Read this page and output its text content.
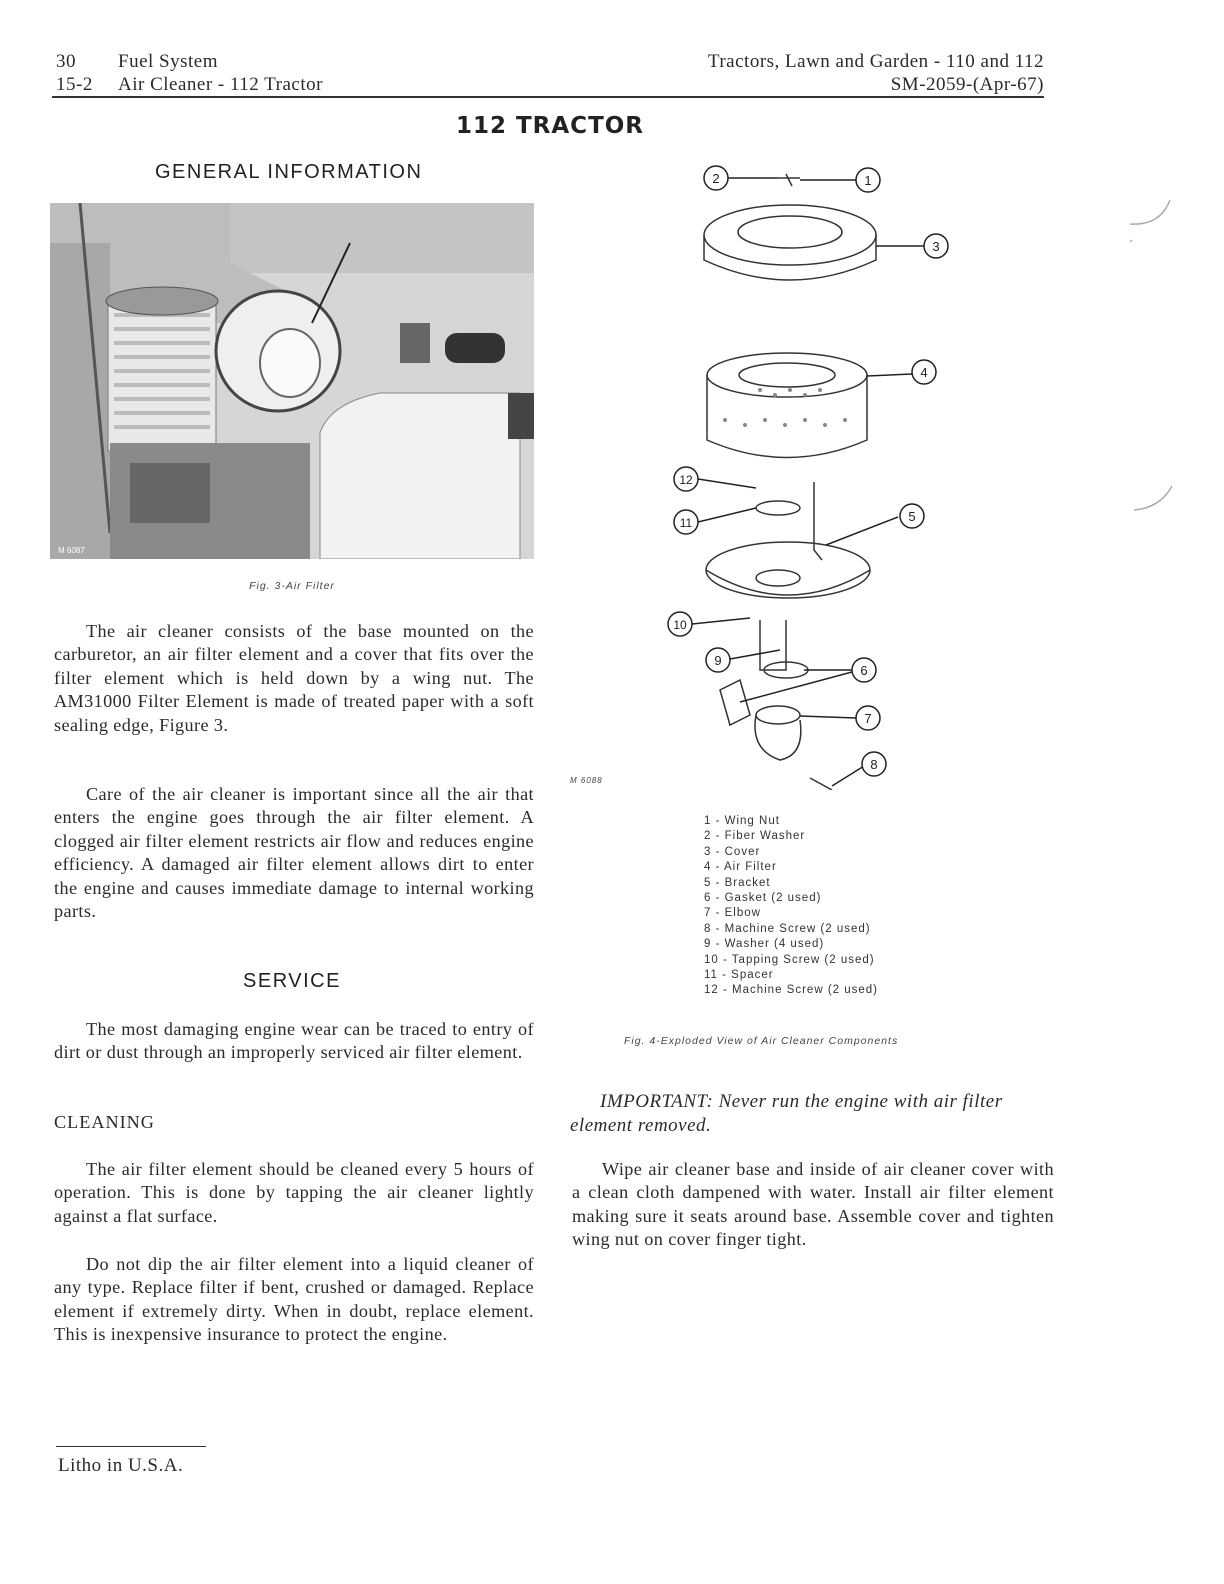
30 Fuel System
15-2 Air Cleaner - 112 Tractor
Tractors, Lawn and Garden - 110 and 112
SM-2059-(Apr-67)
112 TRACTOR
GENERAL INFORMATION
M 6087
Fig. 3-Air Filter
The air cleaner consists of the base mounted on the carburetor, an air filter element and a cover that fits over the filter element which is held down by a wing nut. The AM31000 Filter Element is made of treated paper with a soft sealing edge, Figure 3.
Care of the air cleaner is important since all the air that enters the engine goes through the air filter element. A clogged air filter element restricts air flow and reduces engine efficiency. A damaged air filter element allows dirt to enter the engine and causes immediate damage to internal working parts.
SERVICE
The most damaging engine wear can be traced to entry of dirt or dust through an improperly serviced air filter element.
CLEANING
The air filter element should be cleaned every 5 hours of operation. This is done by tapping the air cleaner lightly against a flat surface.
Do not dip the air filter element into a liquid cleaner of any type. Replace filter if bent, crushed or damaged. Replace element if extremely dirty. When in doubt, replace element. This is inexpensive insurance to protect the engine.
Litho in U.S.A.
1
2
3
4
5
6
7
8
9
10
11
12
M 6088
1 - Wing Nut
2 - Fiber Washer
3 - Cover
4 - Air Filter
5 - Bracket
6 - Gasket (2 used)
7 - Elbow
8 - Machine Screw (2 used)
9 - Washer (4 used)
10 - Tapping Screw (2 used)
11 - Spacer
12 - Machine Screw (2 used)
Fig. 4-Exploded View of Air Cleaner Components
IMPORTANT: Never run the engine with air filter element removed.
Wipe air cleaner base and inside of air cleaner cover with a clean cloth dampened with water. Install air filter element making sure it seats around base. Assemble cover and tighten wing nut on cover finger tight.
